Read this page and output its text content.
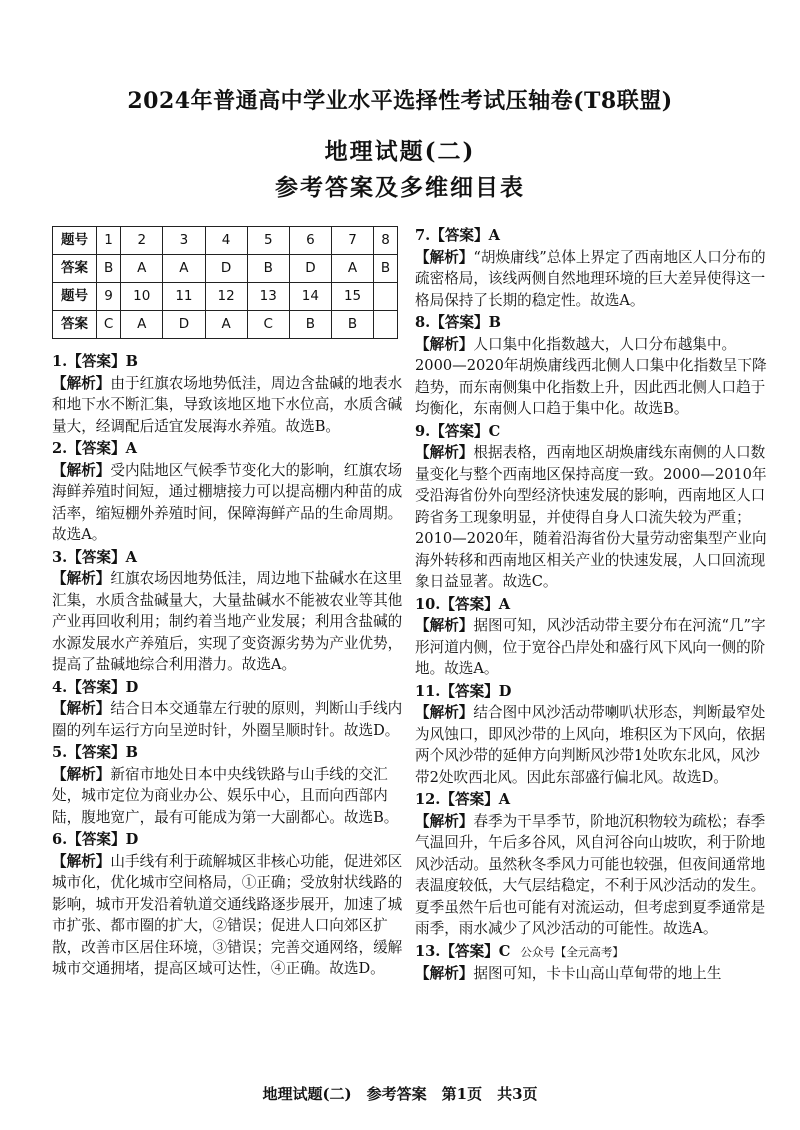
2024年普通高中学业水平选择性考试压轴卷(T8联盟)
地理试题(二)
参考答案及多维细目表
题号	1	2	3	4	5	6	7	8
答案	B	A	A	D	B	D	A	B
题号	9	10	11	12	13	14	15	
答案	C	A	D	A	C	B	B	
1.【答案】B
【解析】由于红旗农场地势低洼，周边含盐碱的地表水和地下水不断汇集，导致该地区地下水位高，水质含碱量大，经调配后适宜发展海水养殖。故选B。
2.【答案】A
【解析】受内陆地区气候季节变化大的影响，红旗农场海鲜养殖时间短，通过棚塘接力可以提高棚内种苗的成活率，缩短棚外养殖时间，保障海鲜产品的生命周期。故选A。
3.【答案】A
【解析】红旗农场因地势低洼，周边地下盐碱水在这里汇集，水质含盐碱量大，大量盐碱水不能被农业等其他产业再回收利用；制约着当地产业发展；利用含盐碱的水源发展水产养殖后，实现了变资源劣势为产业优势，提高了盐碱地综合利用潜力。故选A。
4.【答案】D
【解析】结合日本交通靠左行驶的原则，判断山手线内圈的列车运行方向呈逆时针，外圈呈顺时针。故选D。
5.【答案】B
【解析】新宿市地处日本中央线铁路与山手线的交汇处，城市定位为商业办公、娱乐中心，且而向西部内陆，腹地宽广，最有可能成为第一大副都心。故选B。
6.【答案】D
【解析】山手线有利于疏解城区非核心功能，促进郊区城市化，优化城市空间格局，①正确；受放射状线路的影响，城市开发沿着轨道交通线路逐步展开，加速了城市扩张、都市圈的扩大，②错误；促进人口向郊区扩散，改善市区居住环境，③错误；完善交通网络，缓解城市交通拥堵，提高区域可达性，④正确。故选D。
7.【答案】A
【解析】“胡焕庸线”总体上界定了西南地区人口分布的疏密格局，该线两侧自然地理环境的巨大差异使得这一格局保持了长期的稳定性。故选A。
8.【答案】B
【解析】人口集中化指数越大，人口分布越集中。2000—2020年胡焕庸线西北侧人口集中化指数呈下降趋势，而东南侧集中化指数上升，因此西北侧人口趋于均衡化，东南侧人口趋于集中化。故选B。
9.【答案】C
【解析】根据表格，西南地区胡焕庸线东南侧的人口数量变化与整个西南地区保持高度一致。2000—2010年受沿海省份外向型经济快速发展的影响，西南地区人口跨省务工现象明显，并使得自身人口流失较为严重；2010—2020年，随着沿海省份大量劳动密集型产业向海外转移和西南地区相关产业的快速发展，人口回流现象日益显著。故选C。
10.【答案】A
【解析】据图可知，风沙活动带主要分布在河流“几”字形河道内侧，位于宽谷凸岸处和盛行风下风向一侧的阶地。故选A。
11.【答案】D
【解析】结合图中风沙活动带喇叭状形态，判断最窄处为风蚀口，即风沙带的上风向，堆积区为下风向，依据两个风沙带的延伸方向判断风沙带1处吹东北风，风沙带2处吹西北风。因此东部盛行偏北风。故选D。
12.【答案】A
【解析】春季为干旱季节，阶地沉积物较为疏松；春季气温回升，午后多谷风，风自河谷向山坡吹，利于阶地风沙活动。虽然秋冬季风力可能也较强，但夜间通常地表温度较低，大气层结稳定，不利于风沙活动的发生。夏季虽然午后也可能有对流运动，但考虑到夏季通常是雨季，雨水减少了风沙活动的可能性。故选A。
13.【答案】C 公众号【全元高考】
【解析】据图可知，卡卡山高山草甸带的地上生
地理试题(二)　参考答案　第1页　共3页
